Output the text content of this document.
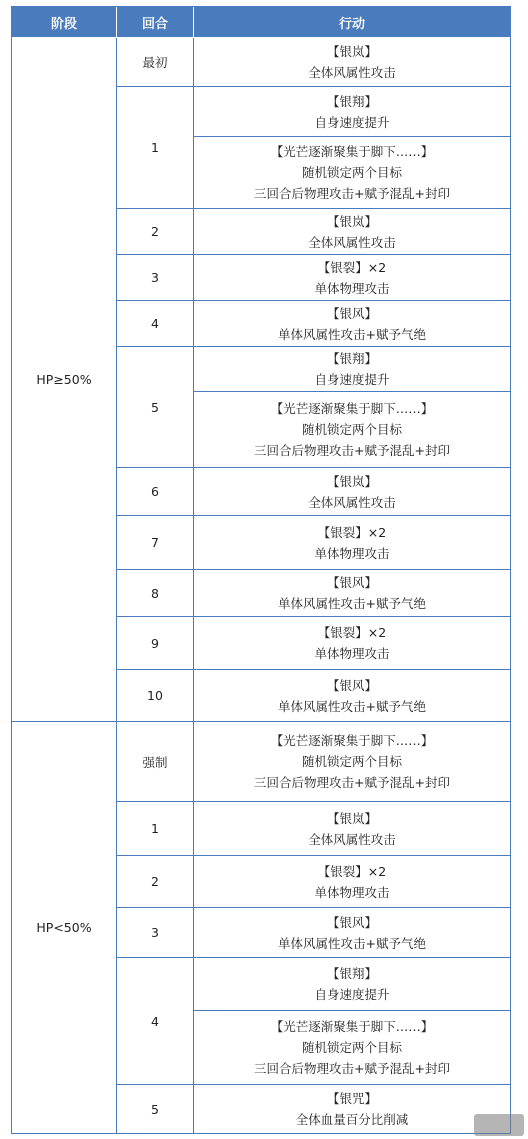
阶段	回合	行动
HP≥50%
HP<50%
最初
【银岚】
全体风属性攻击
1
【银翔】
自身速度提升
【光芒逐渐聚集于脚下……】
随机锁定两个目标
三回合后物理攻击+赋予混乱+封印
2
【银岚】
全体风属性攻击
3
【银裂】×2
单体物理攻击
4
【银风】
单体风属性攻击+赋予气绝
5
【银翔】
自身速度提升
【光芒逐渐聚集于脚下……】
随机锁定两个目标
三回合后物理攻击+赋予混乱+封印
6
【银岚】
全体风属性攻击
7
【银裂】×2
单体物理攻击
8
【银风】
单体风属性攻击+赋予气绝
9
【银裂】×2
单体物理攻击
10
【银风】
单体风属性攻击+赋予气绝
强制
【光芒逐渐聚集于脚下……】
随机锁定两个目标
三回合后物理攻击+赋予混乱+封印
1
【银岚】
全体风属性攻击
2
【银裂】×2
单体物理攻击
3
【银风】
单体风属性攻击+赋予气绝
4
【银翔】
自身速度提升
【光芒逐渐聚集于脚下……】
随机锁定两个目标
三回合后物理攻击+赋予混乱+封印
5
【银咒】
全体血量百分比削减
